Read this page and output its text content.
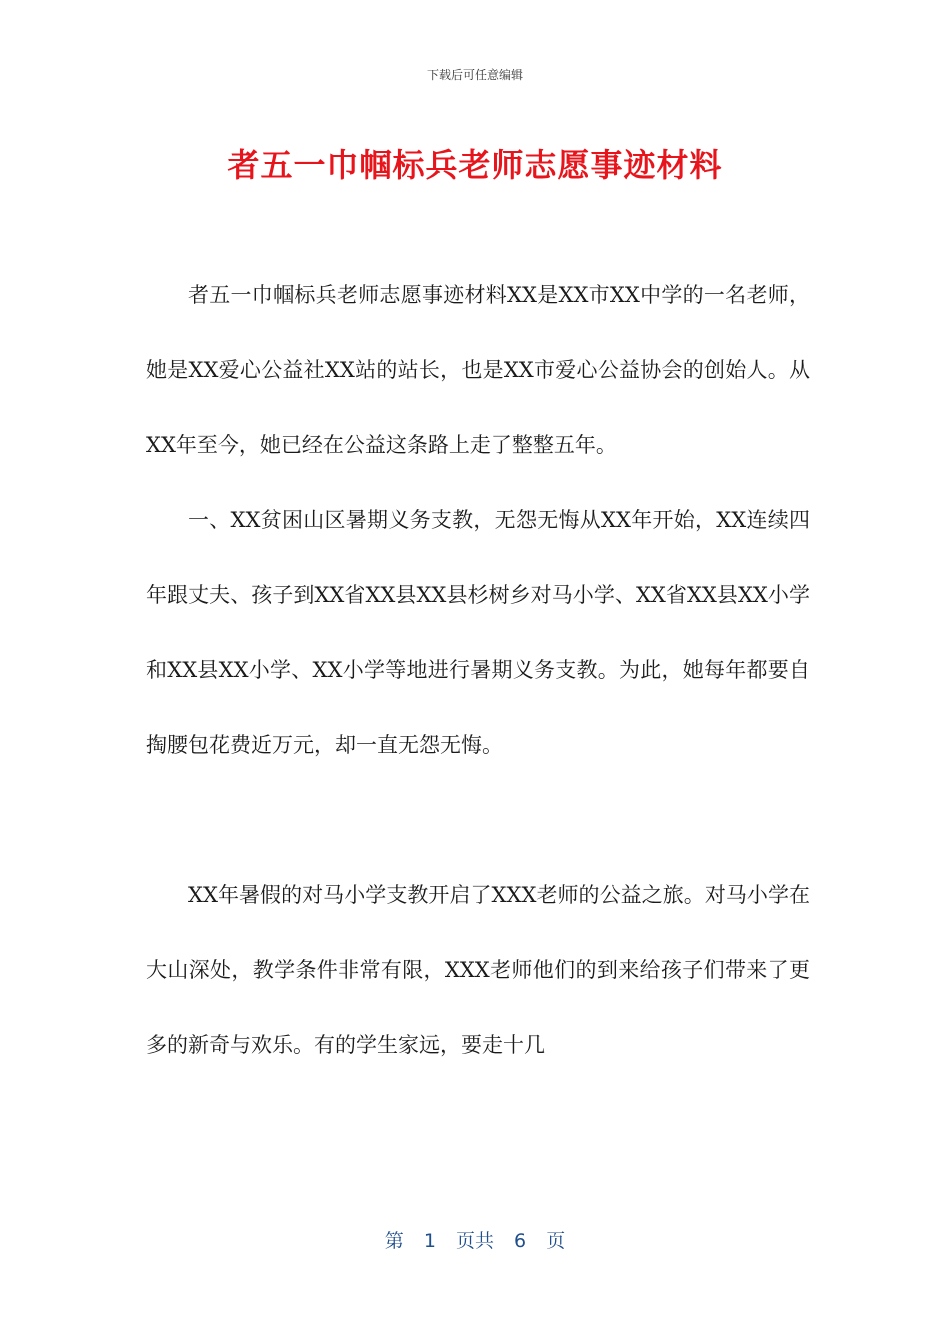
下载后可任意编辑
者五一巾帼标兵老师志愿事迹材料

者五一巾帼标兵老师志愿事迹材料XX是XX市XX中学的一名老师，她是XX爱心公益社XX站的站长，也是XX市爱心公益协会的创始人。从XX年至今，她已经在公益这条路上走了整整五年。

一、XX贫困山区暑期义务支教，无怨无悔从XX年开始，XX连续四年跟丈夫、孩子到XX省XX县XX县杉树乡对马小学、XX省XX县XX小学和XX县XX小学、XX小学等地进行暑期义务支教。为此，她每年都要自掏腰包花费近万元，却一直无怨无悔。

XX年暑假的对马小学支教开启了XXX老师的公益之旅。对马小学在大山深处，教学条件非常有限，XXX老师他们的到来给孩子们带来了更多的新奇与欢乐。有的学生家远，要走十几

第 1 页共 6 页
